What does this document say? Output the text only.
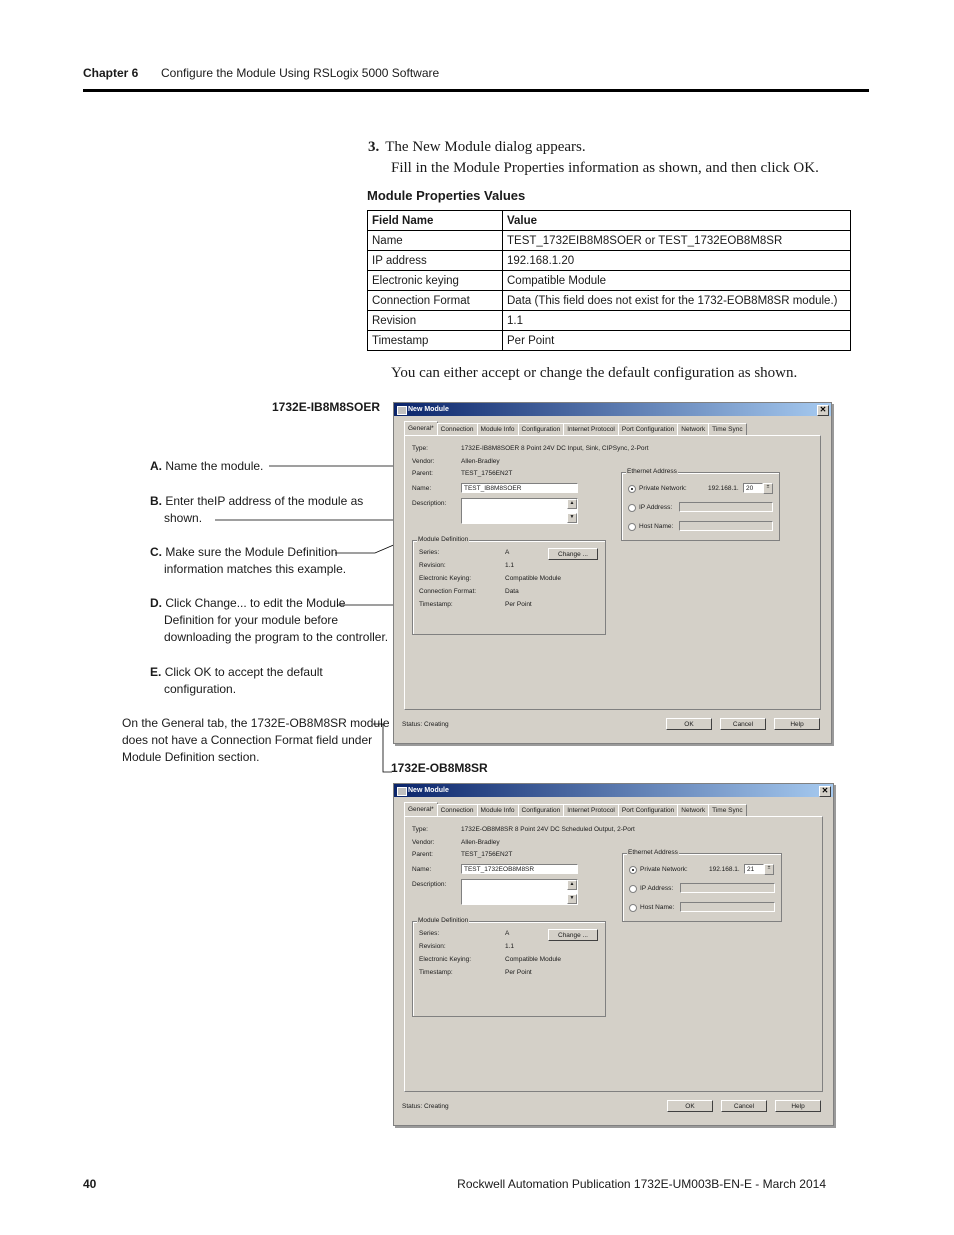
Chapter 6 Configure the Module Using RSLogix 5000 Software
3. The New Module dialog appears.
Fill in the Module Properties information as shown, and then click OK.
Module Properties Values
Field Name	Value
Name	TEST_1732EIB8M8SOER or TEST_1732EOB8M8SR
IP address	192.168.1.20
Electronic keying	Compatible Module
Connection Format	Data (This field does not exist for the 1732-EOB8M8SR module.)
Revision	1.1
Timestamp	Per Point
You can either accept or change the default configuration as shown.
1732E-IB8M8SOER
1732E-OB8M8SR
A. Name the module.
B. Enter theIP address of the module as
shown.
C. Make sure the Module Definition
information matches this example.
D. Click Change... to edit the Module
Definition for your module before
downloading the program to the controller.
E. Click OK to accept the default
configuration.
On the General tab, the 1732E-OB8M8SR module
does not have a Connection Format field under
Module Definition section.
New Module	✕
General*	Connection	Module Info	Configuration	Internet Protocol	Port Configuration	Network	Time Sync
Type:	1732E-IB8M8SOER 8 Point 24V DC Input, Sink, CIPSync, 2-Port
Vendor:	Allen-Bradley
Parent:	TEST_1756EN2T
Name:	TEST_IB8M8SOER
Description:	▲
▼
Ethernet Address
Private Network:	192.168.1.	20	±
IP Address:
Host Name:
Module Definition
Series:	A
Revision:	1.1
Electronic Keying:	Compatible Module
Connection Format:	Data
Timestamp:	Per Point
Change ...
Status: Creating	OK	Cancel	Help
New Module	✕
General*	Connection	Module Info	Configuration	Internet Protocol	Port Configuration	Network	Time Sync
Type:	1732E-OB8M8SR 8 Point 24V DC Scheduled Output, 2-Port
Vendor:	Allen-Bradley
Parent:	TEST_1756EN2T
Name:	TEST_1732EOB8M8SR
Description:	▲
▼
Ethernet Address
Private Network:	192.168.1.	21	±
IP Address:
Host Name:
Module Definition
Series:	A
Revision:	1.1
Electronic Keying:	Compatible Module
Timestamp:	Per Point
Change ...
Status: Creating	OK	Cancel	Help
40	Rockwell Automation Publication 1732E-UM003B-EN-E - March 2014
